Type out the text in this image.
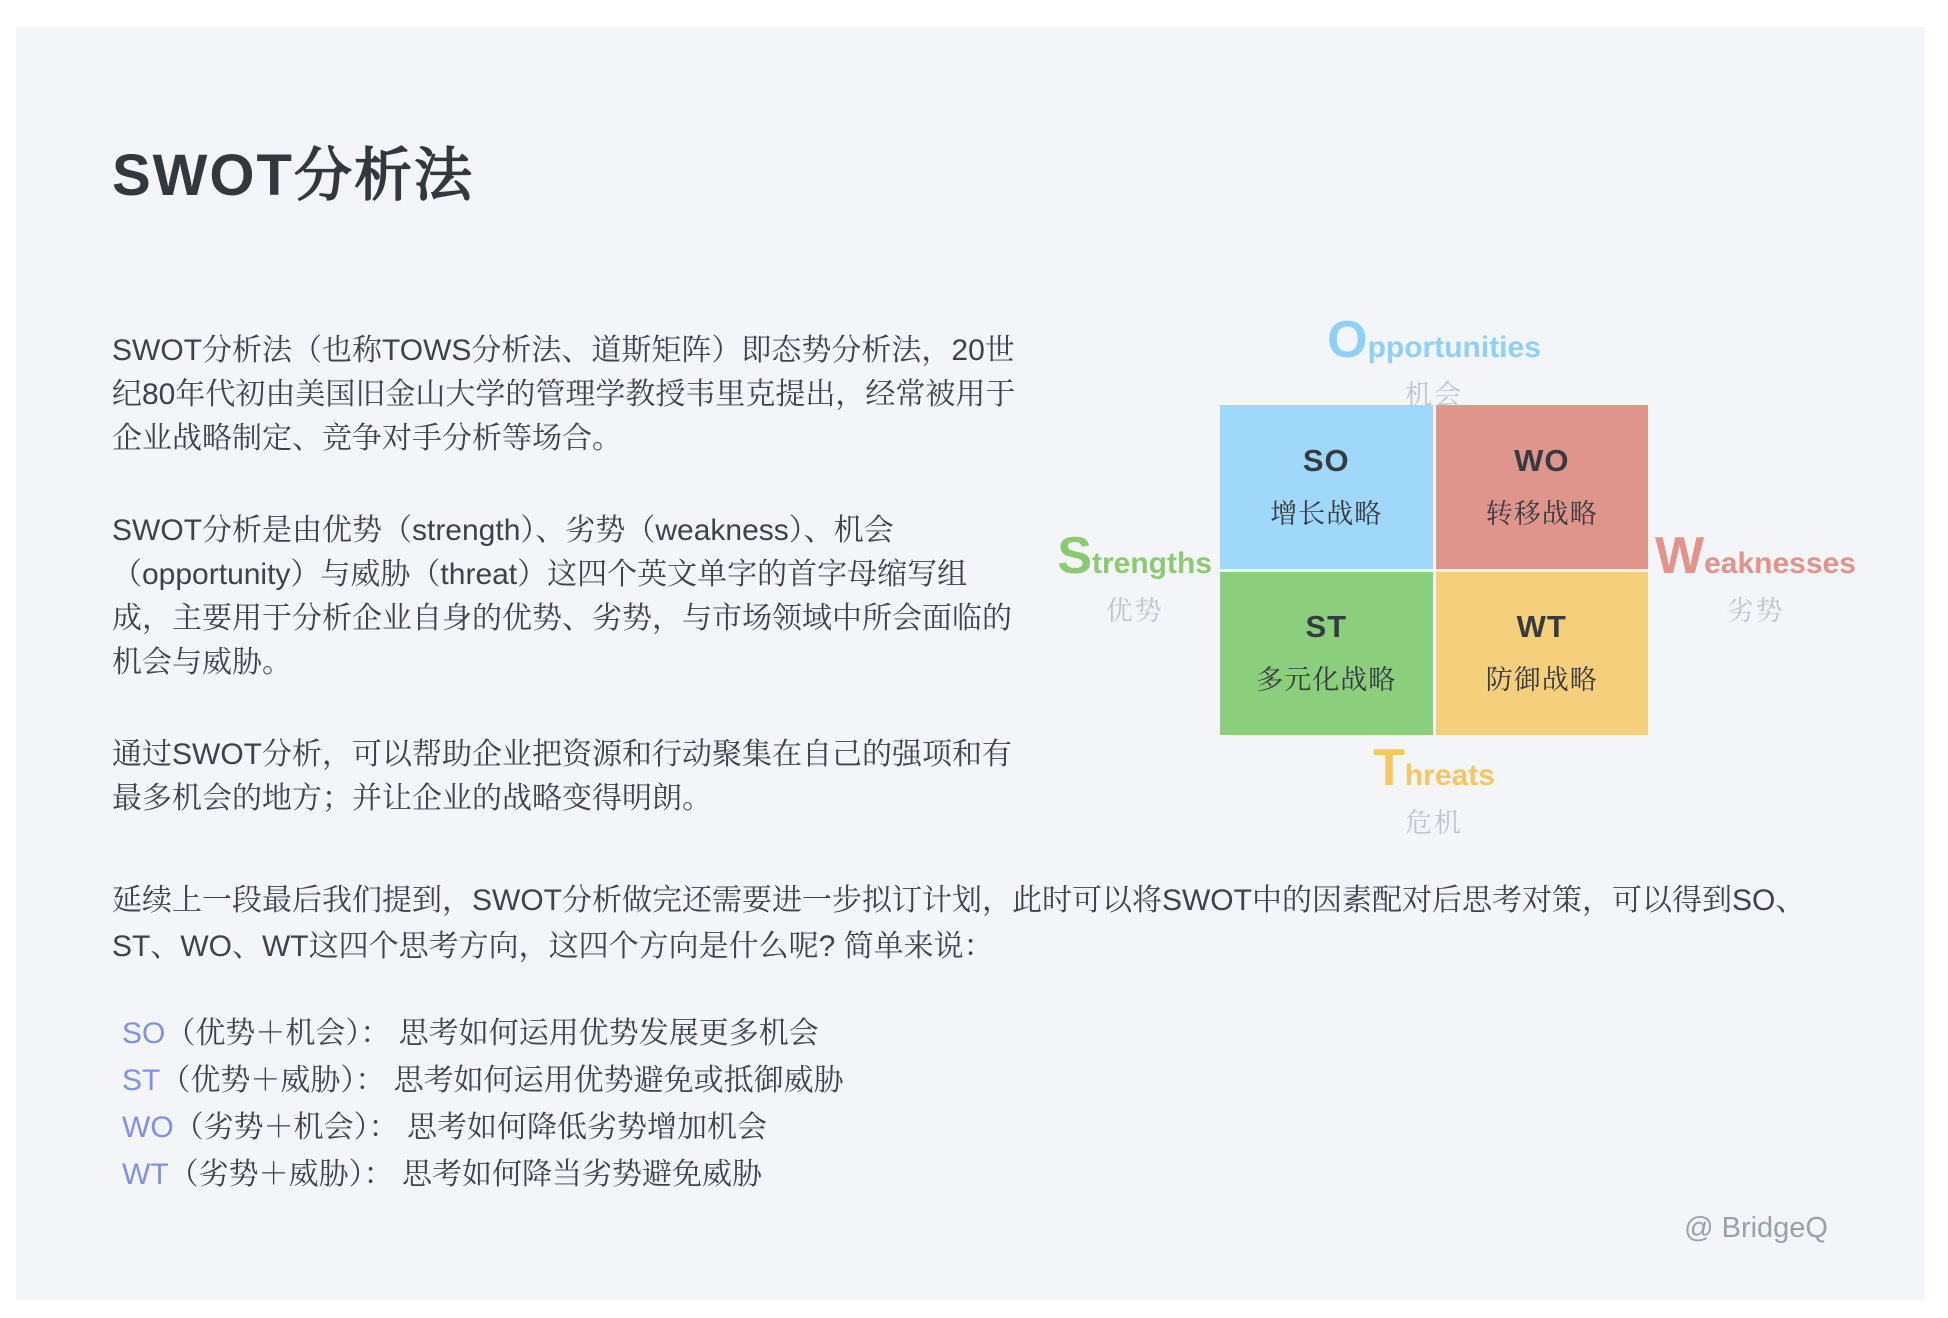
SWOT分析法

SWOT分析法（也称TOWS分析法、道斯矩阵）即态势分析法，20世纪80年代初由美国旧金山大学的管理学教授韦里克提出，经常被用于企业战略制定、竞争对手分析等场合。

SWOT分析是由优势（strength）、劣势（weakness）、机会（opportunity）与威胁（threat）这四个英文单字的首字母缩写组成，主要用于分析企业自身的优势、劣势，与市场领域中所会面临的机会与威胁。

通过SWOT分析，可以帮助企业把资源和行动聚集在自己的强项和有最多机会的地方；并让企业的战略变得明朗。

延续上一段最后我们提到，SWOT分析做完还需要进一步拟订计划，此时可以将SWOT中的因素配对后思考对策，可以得到SO、ST、WO、WT这四个思考方向，这四个方向是什么呢? 简单来说：

SO（优势＋机会）： 思考如何运用优势发展更多机会
ST（优势＋威胁）： 思考如何运用优势避免或抵御威胁
WO（劣势＋机会）： 思考如何降低劣势增加机会
WT（劣势＋威胁）： 思考如何降当劣势避免威胁
SO
增长战略
WO
转移战略
ST
多元化战略
WT
防御战略
O pportunities
机会
S trengths
优势
W eaknesses
劣势
T hreats
危机
@ BridgeQ
